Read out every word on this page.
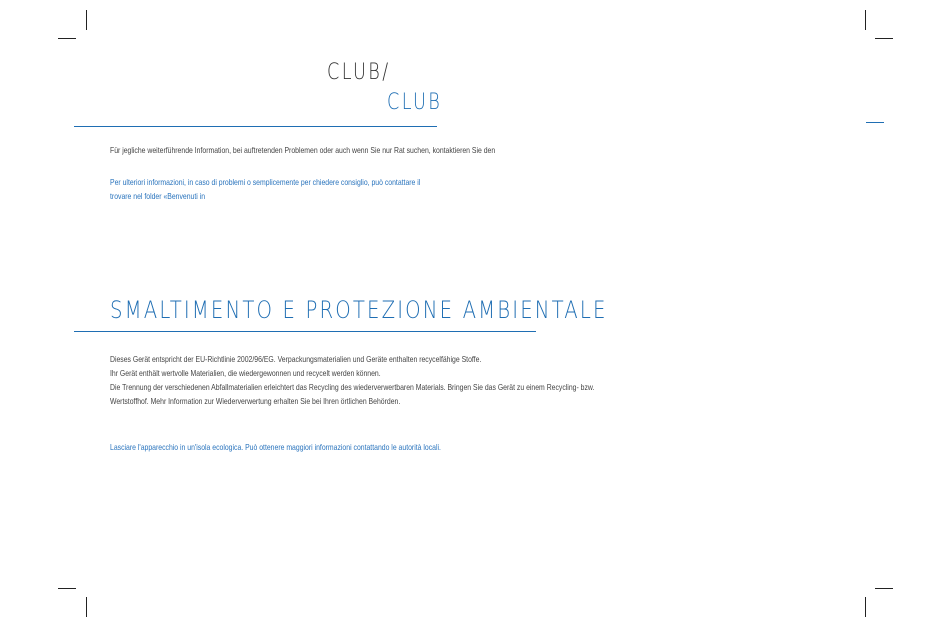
CLUB/
CLUB
Für jegliche weiterführende Information, bei auftretenden Problemen oder auch wenn Sie nur Rat suchen, kontaktieren Sie den
Per ulteriori informazioni, in caso di problemi o semplicemente per chiedere consiglio, può contattare il
trovare nel folder «Benvenuti in
SMALTIMENTO E PROTEZIONE AMBIENTALE
Dieses Gerät entspricht der EU-Richtlinie 2002/96/EG. Verpackungsmaterialien und Geräte enthalten recycelfähige Stoffe.
Ihr Gerät enthält wertvolle Materialien, die wiedergewonnen und recycelt werden können.
Die Trennung der verschiedenen Abfallmaterialien erleichtert das Recycling des wiederverwertbaren Materials. Bringen Sie das Gerät zu einem Recycling- bzw.
Wertstoffhof. Mehr Information zur Wiederverwertung erhalten Sie bei Ihren örtlichen Behörden.
Lasciare l'apparecchio in un'isola ecologica. Può ottenere maggiori informazioni contattando le autorità locali.
